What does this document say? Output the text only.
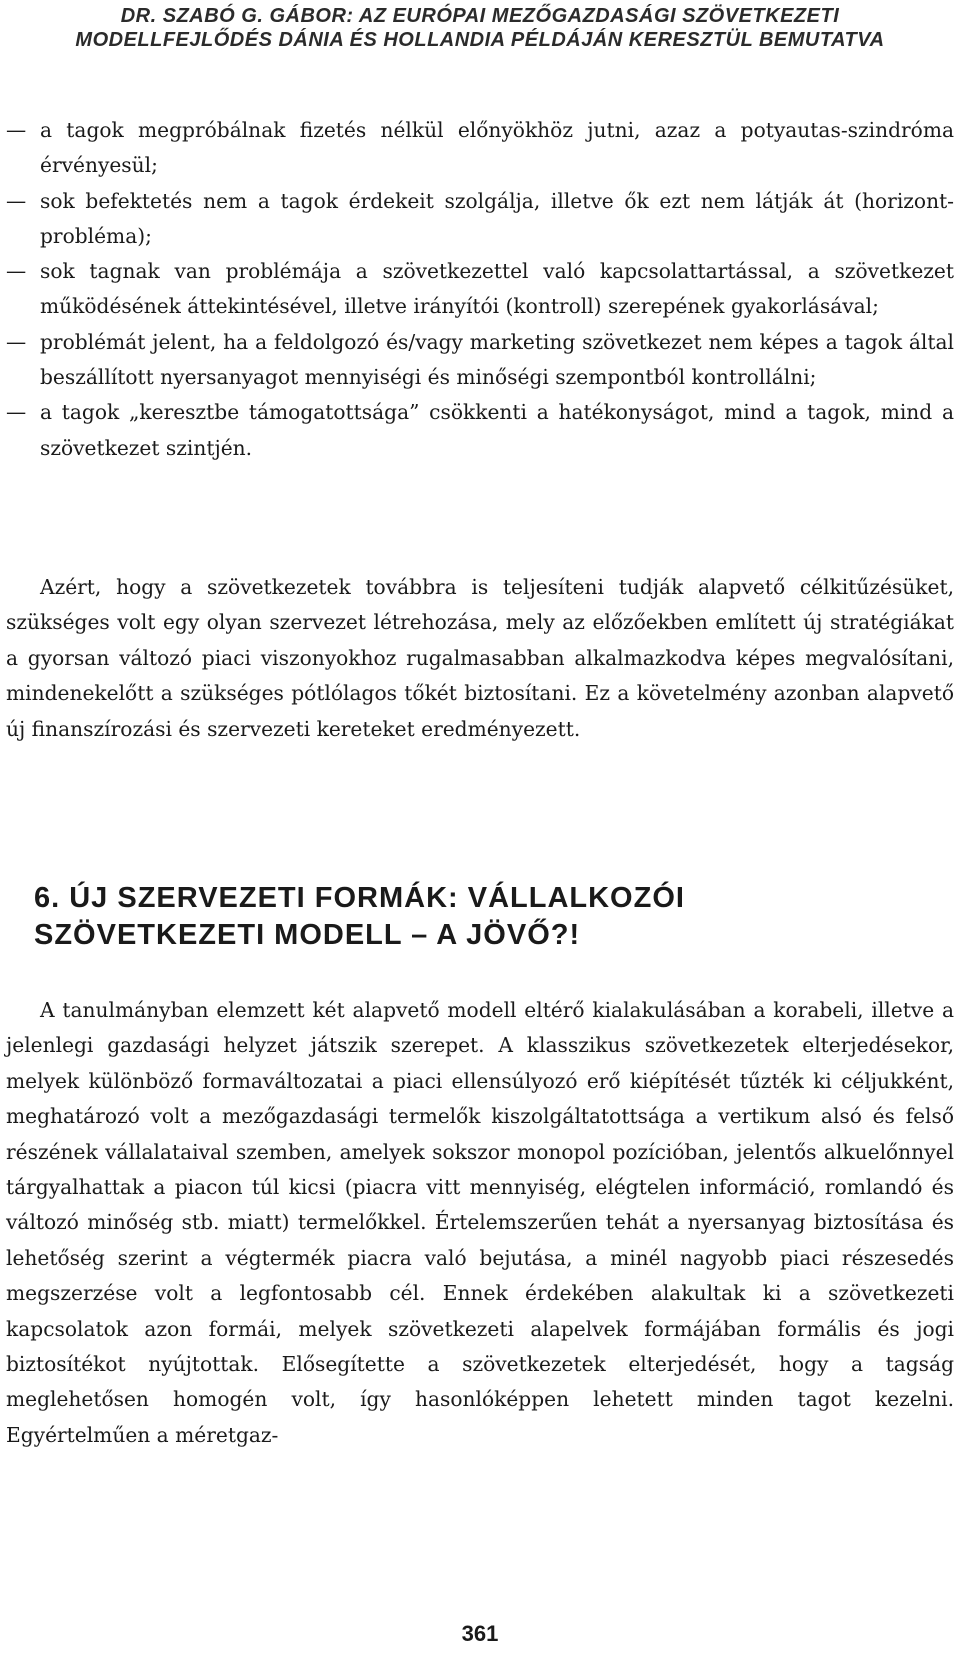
DR. SZABÓ G. GÁBOR: AZ EURÓPAI MEZŐGAZDASÁGI SZÖVETKEZETI
MODELLFEJLŐDÉS DÁNIA ÉS HOLLANDIA PÉLDÁJÁN KERESZTÜL BEMUTATVA
— a tagok megpróbálnak fizetés nélkül előnyökhöz jutni, azaz a potyautas-szindróma érvényesül;
— sok befektetés nem a tagok érdekeit szolgálja, illetve ők ezt nem látják át (horizont-probléma);
— sok tagnak van problémája a szövetkezettel való kapcsolattartással, a szövetkezet működésének áttekintésével, illetve irányítói (kontroll) szerepének gyakorlásával;
— problémát jelent, ha a feldolgozó és/vagy marketing szövetkezet nem képes a tagok által beszállított nyersanyagot mennyiségi és minőségi szempontból kontrollálni;
— a tagok „keresztbe támogatottsága” csökkenti a hatékonyságot, mind a tagok, mind a szövetkezet szintjén.

Azért, hogy a szövetkezetek továbbra is teljesíteni tudják alapvető célkitűzésüket, szükséges volt egy olyan szervezet létrehozása, mely az előzőekben említett új stratégiákat a gyorsan változó piaci viszonyokhoz rugalmasabban alkalmazkodva képes megvalósítani, mindenekelőtt a szükséges pótlólagos tőkét biztosítani. Ez a követelmény azonban alapvető új finanszírozási és szervezeti kereteket eredményezett.

6. ÚJ SZERVEZETI FORMÁK: VÁLLALKOZÓI
SZÖVETKEZETI MODELL – A JÖVŐ?!

A tanulmányban elemzett két alapvető modell eltérő kialakulásában a korabeli, illetve a jelenlegi gazdasági helyzet játszik szerepet. A klasszikus szövetkezetek elterjedésekor, melyek különböző formaváltozatai a piaci ellensúlyozó erő kiépítését tűzték ki céljukként, meghatározó volt a mezőgazdasági termelők kiszolgáltatottsága a vertikum alsó és felső részének vállalataival szemben, amelyek sokszor monopol pozícióban, jelentős alkuelőnnyel tárgyalhattak a piacon túl kicsi (piacra vitt mennyiség, elégtelen információ, romlandó és változó minőség stb. miatt) termelőkkel. Értelemszerűen tehát a nyersanyag biztosítása és lehetőség szerint a végtermék piacra való bejutása, a minél nagyobb piaci részesedés megszerzése volt a legfontosabb cél. Ennek érdekében alakultak ki a szövetkezeti kapcsolatok azon formái, melyek szövetkezeti alapelvek formájában formális és jogi biztosítékot nyújtottak. Elősegítette a szövetkezetek elterjedését, hogy a tagság meglehetősen homogén volt, így hasonlóképpen lehetett minden tagot kezelni. Egyértelműen a méretgaz-

361
